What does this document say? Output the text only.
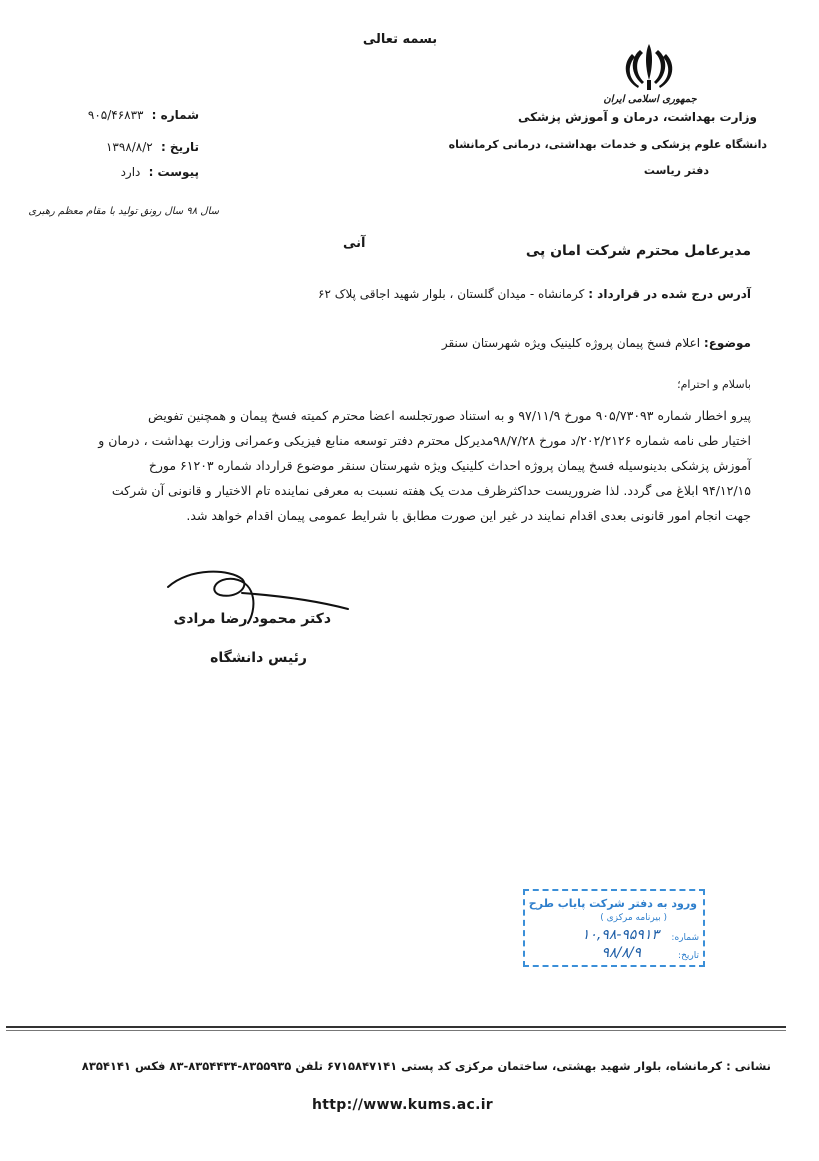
بسمه تعالی
جمهوری اسلامی ایران
وزارت بهداشت، درمان و آموزش پزشکی
دانشگاه علوم پزشکی و خدمات بهداشتی، درمانی کرمانشاه
دفتر ریاست
شماره : ۹۰۵/۴۶۸۳۳
تاریخ : ۱۳۹۸/۸/۲
پیوست : دارد
سال ۹۸ سال رونق تولید با مقام معظم رهبری
مدیرعامل محترم شرکت امان پی
آنی
آدرس درج شده در قرارداد : کرمانشاه - میدان گلستان ، بلوار شهید اجاقی پلاک ۶۲
موضوع: اعلام فسخ پیمان پروژه کلینیک ویژه شهرستان سنقر
باسلام و احترام؛

پیرو اخطار شماره ۹۰۵/۷۳۰۹۳ مورخ ۹۷/۱۱/۹ و به استناد صورتجلسه اعضا محترم کمیته فسخ پیمان و همچنین تفویض

اختیار طی نامه شماره ۲۰۲/۲۱۲۶/د مورخ ۹۸/۷/۲۸مدیرکل محترم دفتر توسعه منابع فیزیکی وعمرانی وزارت بهداشت ، درمان و

آموزش پزشکی بدینوسیله فسخ پیمان پروژه احداث کلینیک ویژه شهرستان سنقر موضوع قرارداد شماره ۶۱۲۰۳ مورخ

۹۴/۱۲/۱۵ ابلاغ می گردد. لذا ضروریست حداکثرظرف مدت یک هفته نسبت به معرفی نماینده تام الاختیار و قانونی آن شرکت

جهت انجام امور قانونی بعدی اقدام نمایند در غیر این صورت مطابق با شرایط عمومی پیمان اقدام خواهد شد.

دکتر محمود رضا مرادی
رئیس دانشگاه
ورود به دفتر شرکت پایاب طرح
( بیرنامه مرکزی )
شماره:
۱۰,۹۸-۹۵۹۱۳
تاریخ:
۹۸/۸/۹
نشانی : کرمانشاه، بلوار شهید بهشتی، ساختمان مرکزی کد پستی ۶۷۱۵۸۴۷۱۴۱ تلفن ۸۳۵۵۹۳۵-۸۳۵۴۴۳۴-۸۳ فکس ۸۳۵۴۱۴۱
http://www.kums.ac.ir
